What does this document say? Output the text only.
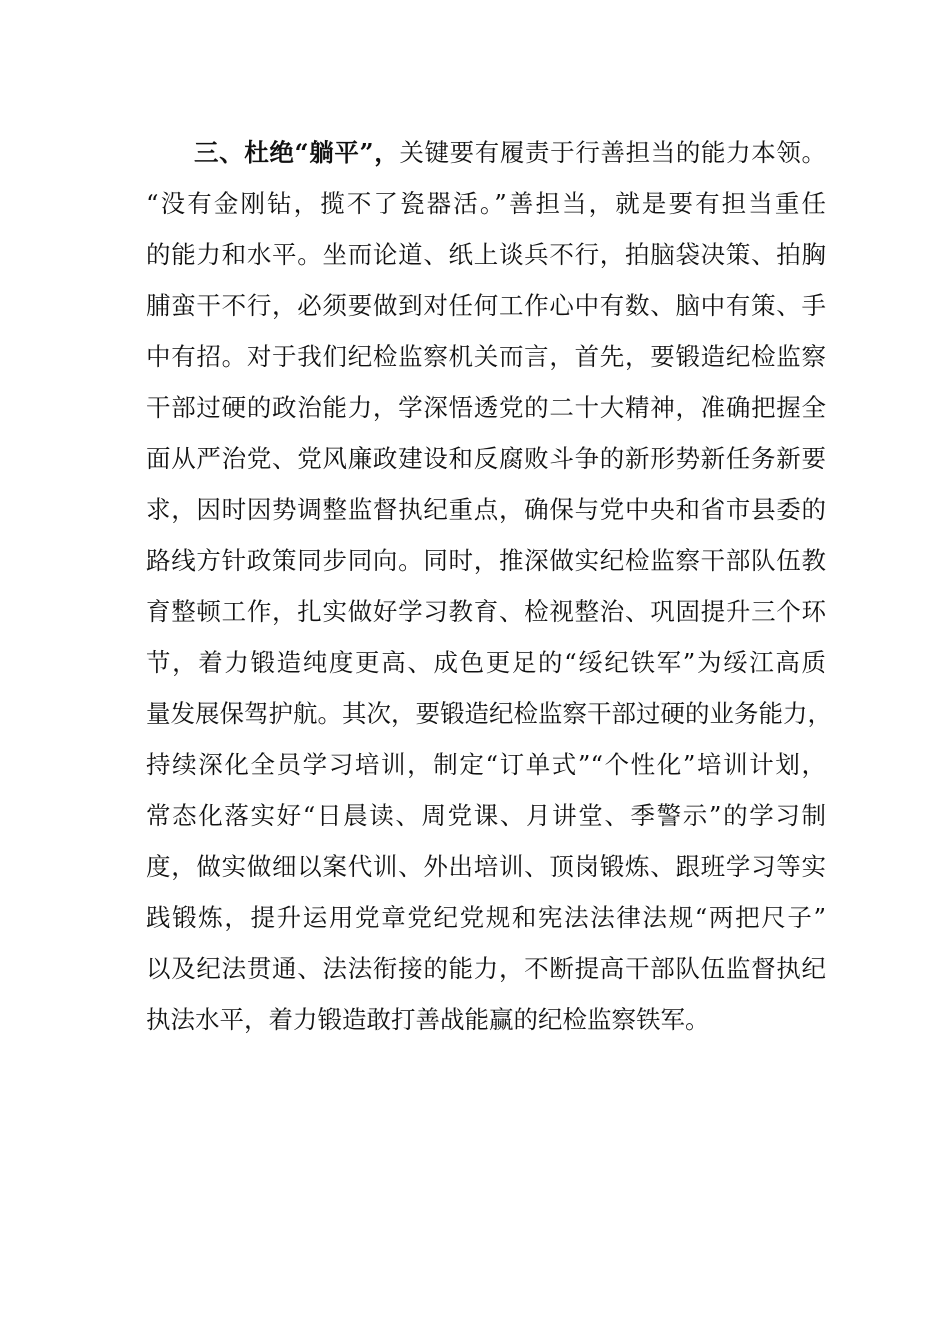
三、杜绝“躺平”，关键要有履责于行善担当的能力本领。
“没有金刚钻，揽不了瓷器活。”善担当，就是要有担当重任
的能力和水平。坐而论道、纸上谈兵不行，拍脑袋决策、拍胸
脯蛮干不行，必须要做到对任何工作心中有数、脑中有策、手
中有招。对于我们纪检监察机关而言，首先，要锻造纪检监察
干部过硬的政治能力，学深悟透党的二十大精神，准确把握全
面从严治党、党风廉政建设和反腐败斗争的新形势新任务新要
求，因时因势调整监督执纪重点，确保与党中央和省市县委的
路线方针政策同步同向。同时，推深做实纪检监察干部队伍教
育整顿工作，扎实做好学习教育、检视整治、巩固提升三个环
节，着力锻造纯度更高、成色更足的“绥纪铁军”为绥江高质
量发展保驾护航。其次，要锻造纪检监察干部过硬的业务能力，
持续深化全员学习培训，制定“订单式”“个性化”培训计划，
常态化落实好“日晨读、周党课、月讲堂、季警示”的学习制
度，做实做细以案代训、外出培训、顶岗锻炼、跟班学习等实
践锻炼，提升运用党章党纪党规和宪法法律法规“两把尺子”
以及纪法贯通、法法衔接的能力，不断提高干部队伍监督执纪
执法水平，着力锻造敢打善战能赢的纪检监察铁军。
